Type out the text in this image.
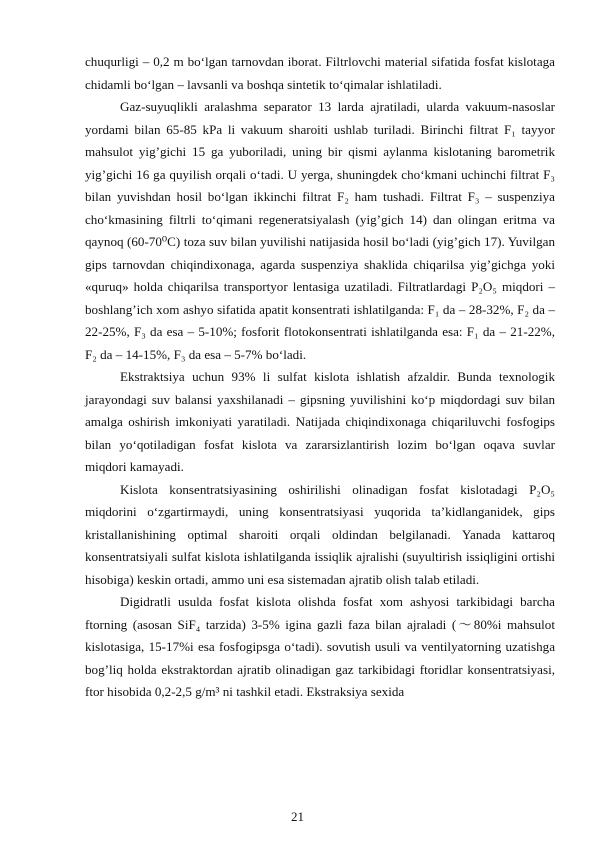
chuqurligi – 0,2 m bo‘lgan tarnovdan iborat. Filtrlovchi material sifatida fosfat kislotaga chidamli bo‘lgan – lavsanli va boshqa sintetik to‘qimalar ishlatiladi.

Gaz-suyuqlikli aralashma separator 13 larda ajratiladi, ularda vakuum-nasoslar yordami bilan 65-85 kPa li vakuum sharoiti ushlab turiladi. Birinchi filtrat F₁ tayyor mahsulot yig’gichi 15 ga yuboriladi, uning bir qismi aylanma kislotaning barometrik yig’gichi 16 ga quyilish orqali o‘tadi. U yerga, shuningdek cho‘kmani uchinchi filtrat F₃ bilan yuvishdan hosil bo‘lgan ikkinchi filtrat F₂ ham tushadi. Filtrat F₃ – suspenziya cho‘kmasining filtrli to‘qimani regeneratsiyalash (yig’gich 14) dan olingan eritma va qaynoq (60-70⁰C) toza suv bilan yuvilishi natijasida hosil bo‘ladi (yig’gich 17). Yuvilgan gips tarnovdan chiqindixonaga, agarda suspenziya shaklida chiqarilsa yig’gichga yoki «quruq» holda chiqarilsa transportyor lentasiga uzatiladi. Filtratlardagi P₂O₅ miqdori – boshlang’ich xom ashyo sifatida apatit konsentrati ishlatilganda: F₁ da – 28-32%, F₂ da – 22-25%, F₃ da esa – 5-10%; fosforit flotokonsentrati ishlatilganda esa: F₁ da – 21-22%, F₂ da – 14-15%, F₃ da esa – 5-7% bo‘ladi.

Ekstraktsiya uchun 93% li sulfat kislota ishlatish afzaldir. Bunda texnologik jarayondagi suv balansi yaxshilanadi – gipsning yuvilishini ko‘p miqdordagi suv bilan amalga oshirish imkoniyati yaratiladi. Natijada chiqindixonaga chiqariluvchi fosfogips bilan yo‘qotiladigan fosfat kislota va zararsizlantirish lozim bo‘lgan oqava suvlar miqdori kamayadi.

Kislota konsentratsiyasining oshirilishi olinadigan fosfat kislotadagi P₂O₅ miqdorini o‘zgartirmaydi, uning konsentratsiyasi yuqorida ta’kidlanganidek, gips kristallanishining optimal sharoiti orqali oldindan belgilanadi. Yanada kattaroq konsentratsiyali sulfat kislota ishlatilganda issiqlik ajralishi (suyultirish issiqligini ortishi hisobiga) keskin ortadi, ammo uni esa sistemadan ajratib olish talab etiladi.

Digidratli usulda fosfat kislota olishda fosfat xom ashyosi tarkibidagi barcha ftorning (asosan SiF₄ tarzida) 3-5% igina gazli faza bilan ajraladi (～80%i mahsulot kislotasiga, 15-17%i esa fosfogipsga o‘tadi). sovutish usuli va ventilyatorning uzatishga bog’liq holda ekstraktordan ajratib olinadigan gaz tarkibidagi ftoridlar konsentratsiyasi, ftor hisobida 0,2-2,5 g/m³ ni tashkil etadi. Ekstraksiya sexida

21
